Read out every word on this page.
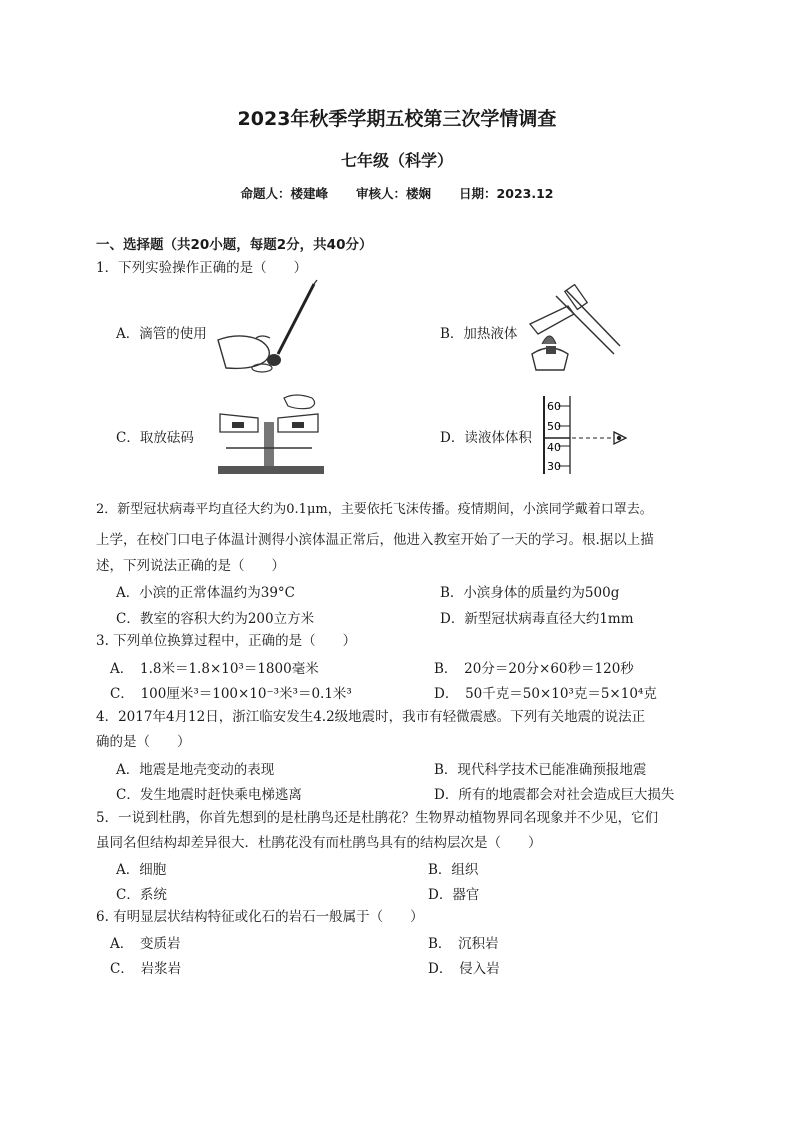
2023年秋季学期五校第三次学情调查
七年级（科学）
命题人：楼建峰 审核人：楼娴 日期：2023.12
一、选择题（共20小题，每题2分，共40分）
1．下列实验操作正确的是（　　）
A．滴管的使用	B．加热液体
C．取放砝码	D．读液体体积
60
50
40
30
2．新型冠状病毒平均直径大约为0.1μm，主要依托飞沫传播。疫情期间，小滨同学戴着口罩去。
上学，在校门口电子体温计测得小滨体温正常后，他进入教室开始了一天的学习。根.据以上描
述，下列说法正确的是（　　）
A．小滨的正常体温约为39°C	B．小滨身体的质量约为500g
C．教室的容积大约为200立方米	D．新型冠状病毒直径大约1mm
3. 下列单位换算过程中，正确的是（　　）
A．　1.8米＝1.8×10³＝1800毫米	B．　20分＝20分×60秒＝120秒
C．　100厘米³＝100×10⁻³米³＝0.1米³	D．　50千克＝50×10³克＝5×10⁴克
4．2017年4月12日，浙江临安发生4.2级地震时，我市有轻微震感。下列有关地震的说法正
确的是（　　）
A．地震是地壳变动的表现	B．现代科学技术已能准确预报地震
C．发生地震时赶快乘电梯逃离	D．所有的地震都会对社会造成巨大损失
5．一说到杜鹃，你首先想到的是杜鹃鸟还是杜鹃花？生物界动植物界同名现象并不少见，它们
虽同名但结构却差异很大．杜鹃花没有而杜鹃鸟具有的结构层次是（　　）
A．细胞	B．组织
C．系统	D．器官
6. 有明显层状结构特征或化石的岩石一般属于（　　）
A．　变质岩	B．　沉积岩
C．　岩浆岩	D．　侵入岩
